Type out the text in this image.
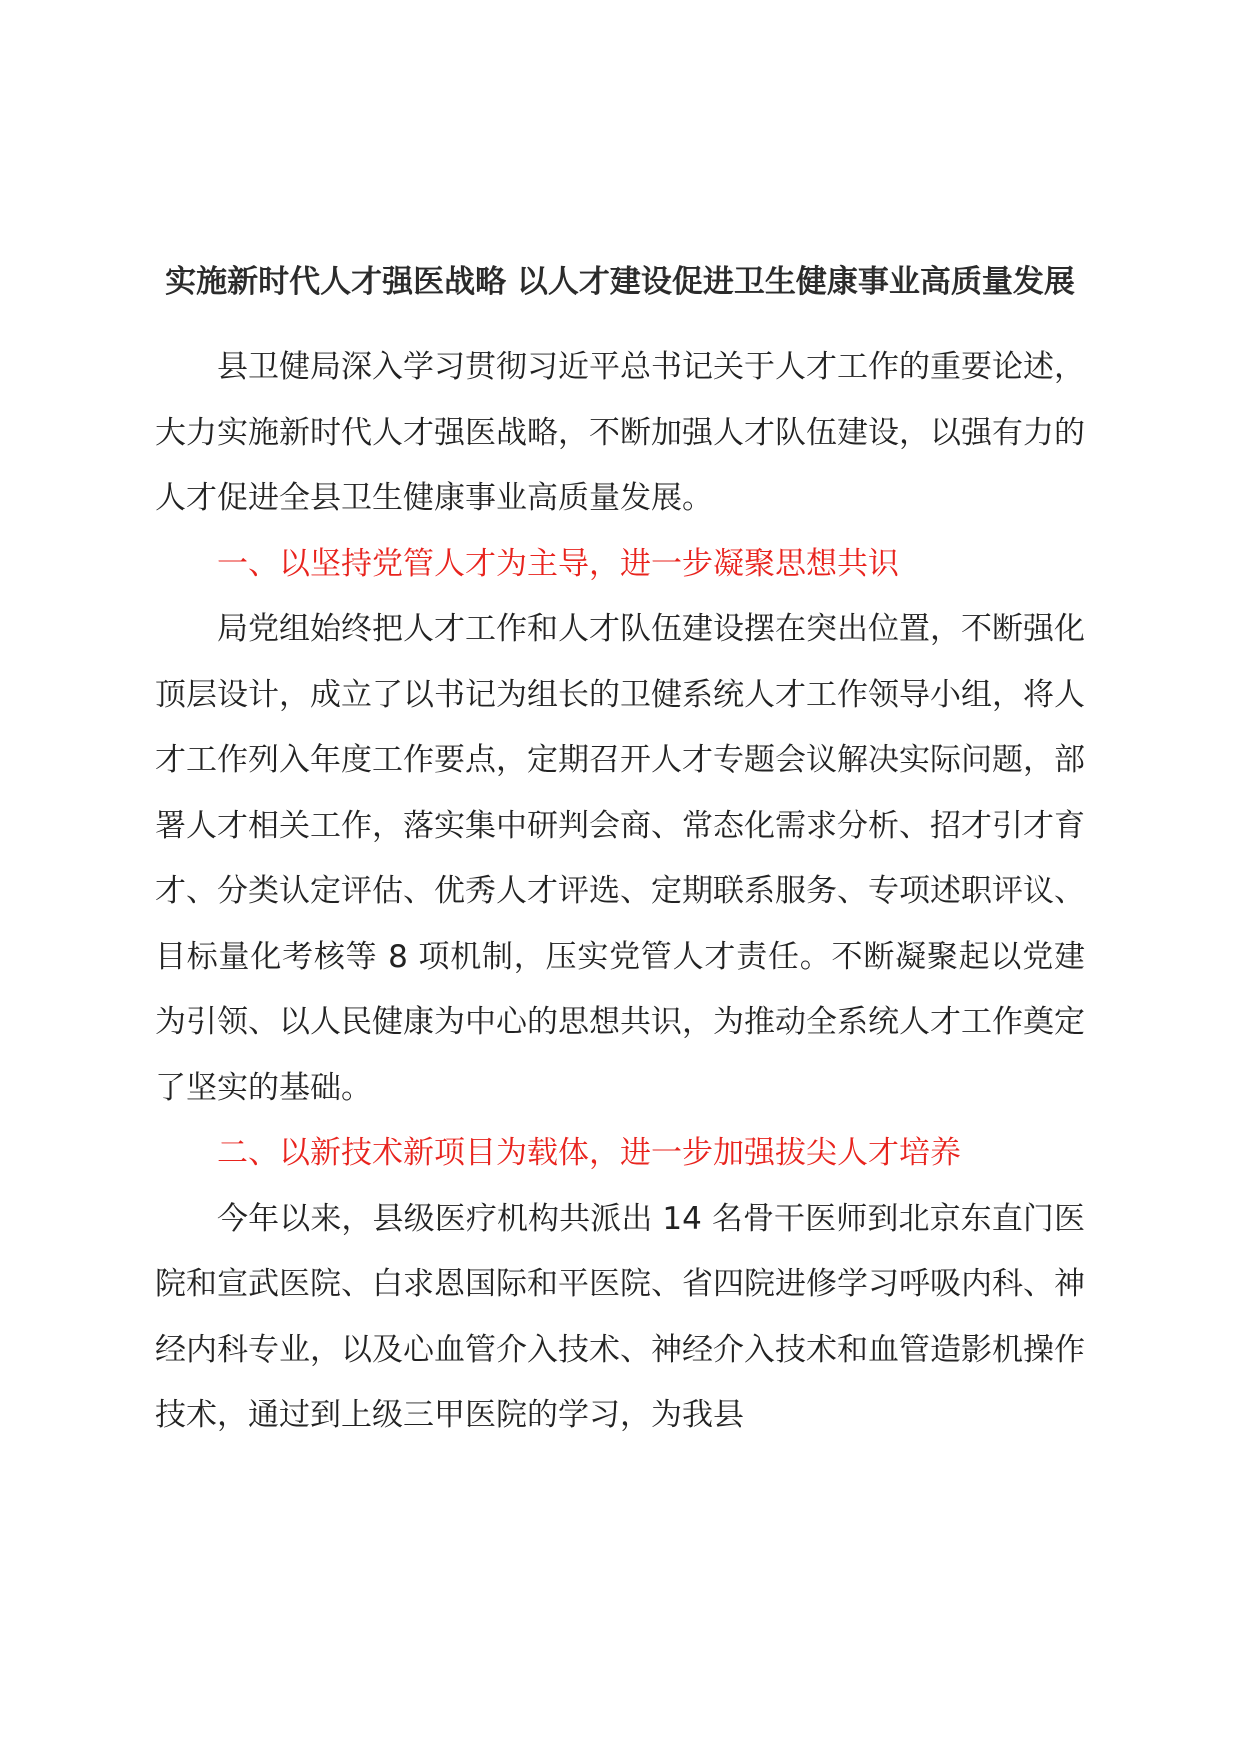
实施新时代人才强医战略 以人才建设促进卫生健康事业高质量发展

县卫健局深入学习贯彻习近平总书记关于人才工作的重要论述，大力实施新时代人才强医战略，不断加强人才队伍建设，以强有力的人才促进全县卫生健康事业高质量发展。

一、以坚持党管人才为主导，进一步凝聚思想共识

局党组始终把人才工作和人才队伍建设摆在突出位置，不断强化顶层设计，成立了以书记为组长的卫健系统人才工作领导小组，将人才工作列入年度工作要点，定期召开人才专题会议解决实际问题，部署人才相关工作，落实集中研判会商、常态化需求分析、招才引才育才、分类认定评估、优秀人才评选、定期联系服务、专项述职评议、目标量化考核等 8 项机制，压实党管人才责任。不断凝聚起以党建为引领、以人民健康为中心的思想共识，为推动全系统人才工作奠定了坚实的基础。

二、以新技术新项目为载体，进一步加强拔尖人才培养

今年以来，县级医疗机构共派出 14 名骨干医师到北京东直门医院和宣武医院、白求恩国际和平医院、省四院进修学习呼吸内科、神经内科专业，以及心血管介入技术、神经介入技术和血管造影机操作技术，通过到上级三甲医院的学习，为我县
